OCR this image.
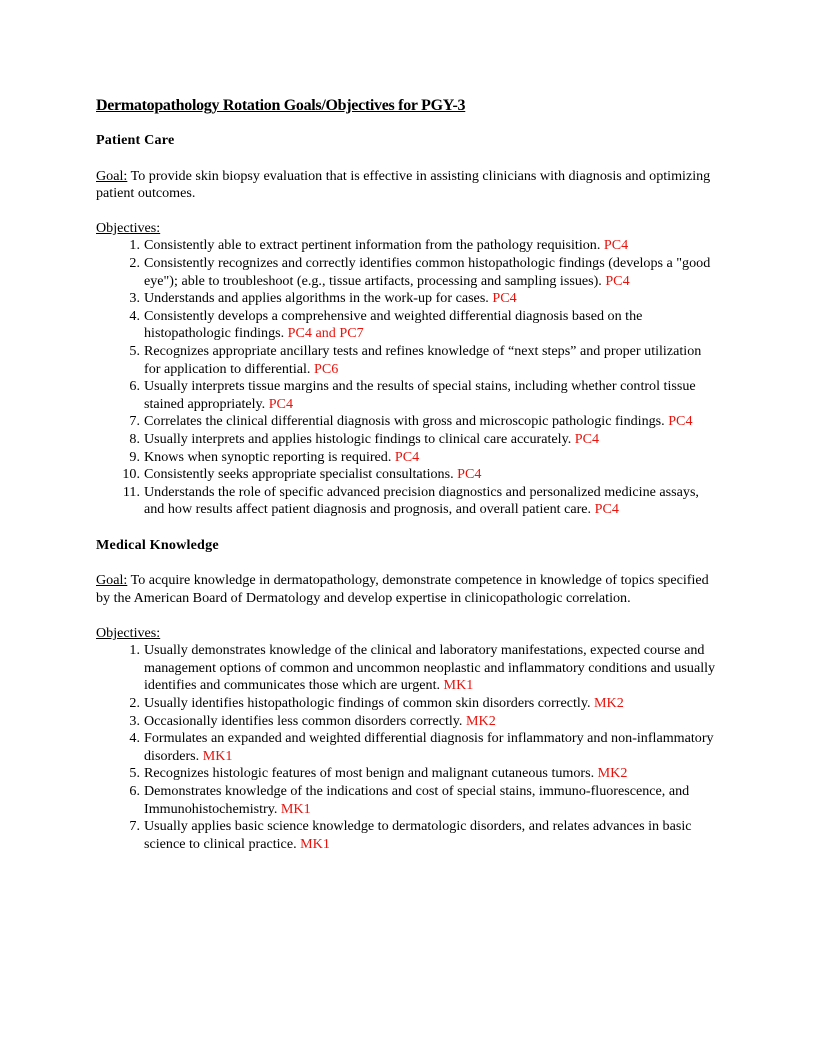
Dermatopathology Rotation Goals/Objectives for PGY-3
Patient Care
Goal: To provide skin biopsy evaluation that is effective in assisting clinicians with diagnosis and optimizing patient outcomes.
Objectives:
1. Consistently able to extract pertinent information from the pathology requisition. PC4
2. Consistently recognizes and correctly identifies common histopathologic findings (develops a "good eye"); able to troubleshoot (e.g., tissue artifacts, processing and sampling issues). PC4
3. Understands and applies algorithms in the work-up for cases. PC4
4. Consistently develops a comprehensive and weighted differential diagnosis based on the histopathologic findings. PC4 and PC7
5. Recognizes appropriate ancillary tests and refines knowledge of “next steps” and proper utilization for application to differential. PC6
6. Usually interprets tissue margins and the results of special stains, including whether control tissue stained appropriately. PC4
7. Correlates the clinical differential diagnosis with gross and microscopic pathologic findings. PC4
8. Usually interprets and applies histologic findings to clinical care accurately. PC4
9. Knows when synoptic reporting is required. PC4
10. Consistently seeks appropriate specialist consultations. PC4
11. Understands the role of specific advanced precision diagnostics and personalized medicine assays, and how results affect patient diagnosis and prognosis, and overall patient care. PC4
Medical Knowledge
Goal: To acquire knowledge in dermatopathology, demonstrate competence in knowledge of topics specified by the American Board of Dermatology and develop expertise in clinicopathologic correlation.
Objectives:
1. Usually demonstrates knowledge of the clinical and laboratory manifestations, expected course and management options of common and uncommon neoplastic and inflammatory conditions and usually identifies and communicates those which are urgent. MK1
2. Usually identifies histopathologic findings of common skin disorders correctly. MK2
3. Occasionally identifies less common disorders correctly. MK2
4. Formulates an expanded and weighted differential diagnosis for inflammatory and non-inflammatory disorders. MK1
5. Recognizes histologic features of most benign and malignant cutaneous tumors. MK2
6. Demonstrates knowledge of the indications and cost of special stains, immuno-fluorescence, and Immunohistochemistry. MK1
7. Usually applies basic science knowledge to dermatologic disorders, and relates advances in basic science to clinical practice. MK1
